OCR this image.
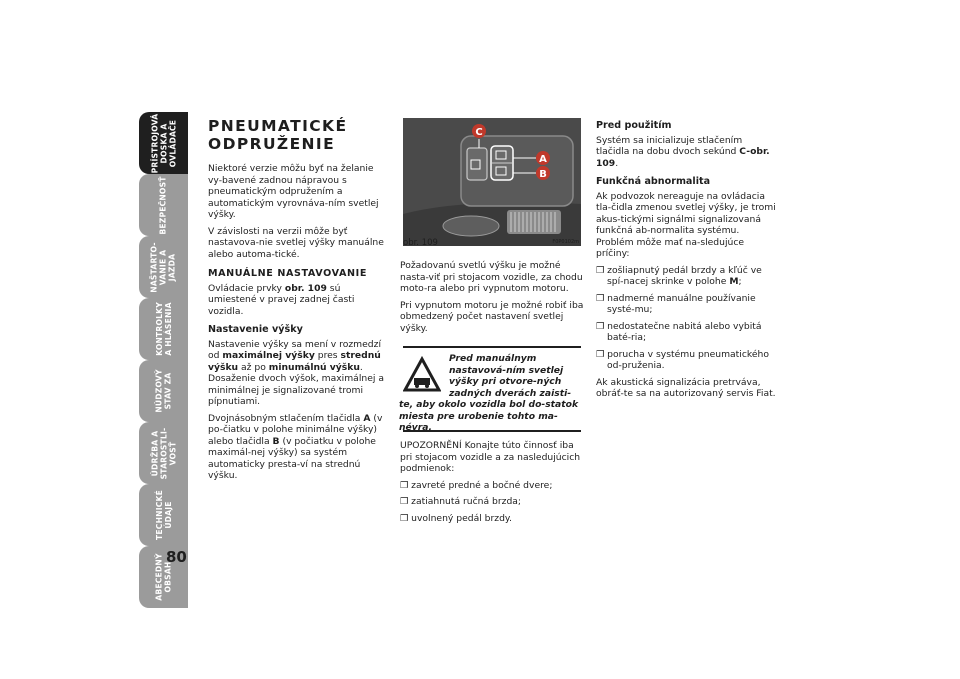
PRÍSTROJOVÁ
DOSKA A
OVLÁDAČE
BEZPEČNOSŤ
NAŠTARTO-
VANIE A
JAZDA
KONTROLKY
A HLÁSENIA
NÚDZOVÝ
STAV ZA
ÚDRŽBA A
STAROSTLI-
VOSŤ
TECHNICKÉ
ÚDAJE
ABECEDNÝ
OBSAH
80
PNEUMATICKÉ ODPRUŽENIE

Niektoré verzie môžu byť na želanie vy-bavené zadnou nápravou s pneumatickým odpružením a automatickým vyrovnáva-ním svetlej výšky.

V závislosti na verzii môže byť nastavova-nie svetlej výšky manuálne alebo automa-tické.

MANUÁLNE NASTAVOVANIE

Ovládacie prvky obr. 109 sú umiestené v pravej zadnej časti vozidla.

Nastavenie výšky

Nastavenie výšky sa mení v rozmedzí od maximálnej výšky pres strednú výšku až po minumálnú výšku. Dosaženie dvoch výšok, maximálnej a minimálnej je signalizované tromi pípnutiami.

Dvojnásobným stlačením tlačidla A (v po-čiatku v polohe minimálne výšky) alebo tlačidla B (v počiatku v polohe maximál-nej výšky) sa systém automaticky presta-ví na strednú výšku.

C
A
B
obr. 109	F0P0102m

Požadovanú svetlú výšku je možné nasta-viť pri stojacom vozidle, za chodu moto-ra alebo pri vypnutom motoru.

Pri vypnutom motoru je možné robiť iba obmedzený počet nastavení svetlej výšky.

Pred manuálnym nastavová-ním svetlej výšky pri otvore-ných zadných dverách zaisti-te, aby okolo vozidla bol do-statok miesta pre urobenie tohto ma-névra.

UPOZORNĚNÍ Konajte túto činnosť iba pri stojacom vozidle a za nasledujúcich podmienok:

❒ zavreté predné a bočné dvere;

❒ zatiahnutá ručná brzda;

❒ uvolnený pedál brzdy.

Pred použitím

Systém sa inicializuje stlačením tlačidla na dobu dvoch sekúnd C-obr. 109.

Funkčná abnormalita

Ak podvozok nereaguje na ovládacia tla-čidla zmenou svetlej výšky, je tromi akus-tickými signálmi signalizovaná funkčná ab-normalita systému. Problém môže mať na-sledujúce príčiny:

❒ zošliapnutý pedál brzdy a kľúč ve spí-nacej skrinke v polohe M;

❒ nadmerné manuálne používanie systé-mu;

❒ nedostatečne nabitá alebo vybitá baté-ria;

❒ porucha v systému pneumatického od-pruženia.

Ak akustická signalizácia pretrváva, obráť-te sa na autorizovaný servis Fiat.
